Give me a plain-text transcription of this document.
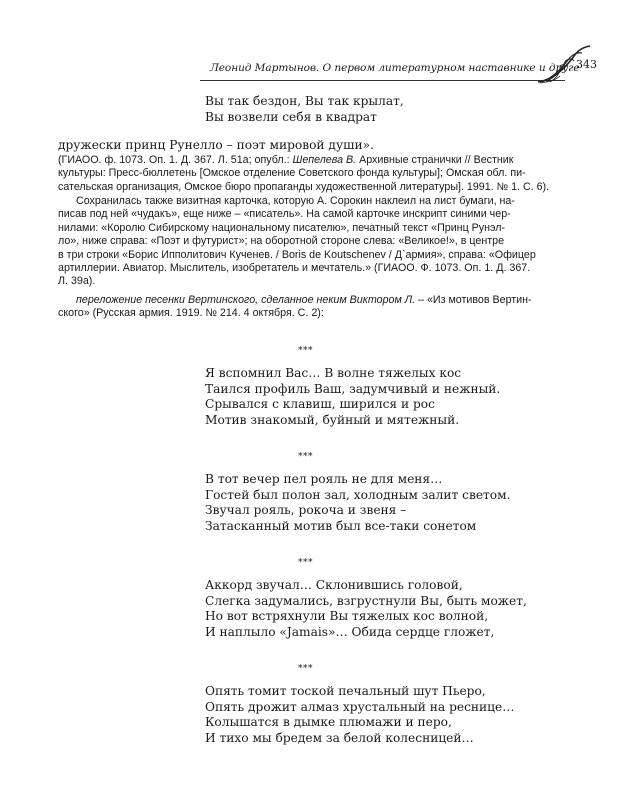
Леонид Мартынов. О первом литературном наставнике и друге
343
Вы так бездон, Вы так крылат,
Вы возвели себя в квадрат
дружески принц Рунелло – поэт мировой души».
(ГИАОО. ф. 1073. Оп. 1. Д. 367. Л. 51а; опубл.: Шепелева В. Архивные странички // Вестник
культуры: Пресс-бюллетень [Омское отделение Советского фонда культуры]; Омская обл. пи-
сательская организация, Омское бюро пропаганды художественной литературы]. 1991. № 1. С. 6).
Сохранилась также визитная карточка, которую А. Сорокин наклеил на лист бумаги, на-
писав под ней «чудакъ», еще ниже – «писатель». На самой карточке инскрипт синими чер-
нилами: «Королю Сибирскому национальному писателю», печатный текст «Принц Рунэл-
ло», ниже справа: «Поэт и футурист»; на оборотной стороне слева: «Великое!», в центре
в три строки «Борис Ипполитович Кученев. / Boris de Koutschenev / Д`армия», справа: «Офицер
артиллерии. Авиатор. Мыслитель, изобретатель и мечтатель.» (ГИАОО. Ф. 1073. Оп. 1. Д. 367.
Л. 39а).
переложение песенки Вертинского, сделанное неким Виктором Л. – «Из мотивов Вертин-
ского» (Русская армия. 1919. № 214. 4 октября. С. 2):
***
Я вспомнил Вас… В волне тяжелых кос
Таился профиль Ваш, задумчивый и нежный.
Срывался с клавиш, ширился и рос
Мотив знакомый, буйный и мятежный.
***
В тот вечер пел рояль не для меня…
Гостей был полон зал, холодным залит светом.
Звучал рояль, рокоча и звеня –
Затасканный мотив был все-таки сонетом
***
Аккорд звучал… Склонившись головой,
Слегка задумались, взгрустнули Вы, быть может,
Но вот встряхнули Вы тяжелых кос волной,
И наплыло «Jamais»… Обида сердце гложет,
***
Опять томит тоской печальный шут Пьеро,
Опять дрожит алмаз хрустальный на реснице…
Колышатся в дымке плюмажи и перо,
И тихо мы бредем за белой колесницей…
